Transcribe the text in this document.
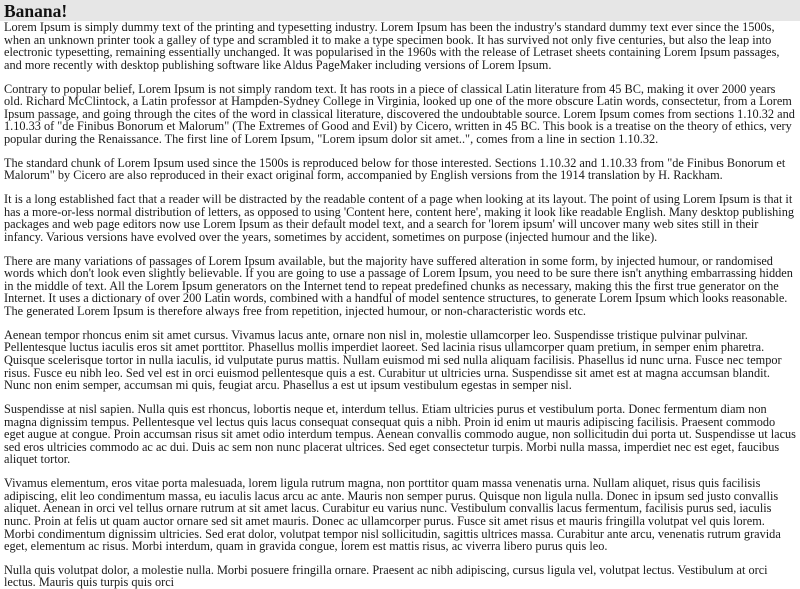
Banana!

Lorem Ipsum is simply dummy text of the printing and typesetting industry. Lorem Ipsum has been the industry's standard dummy text ever since the 1500s, when an unknown printer took a galley of type and scrambled it to make a type specimen book. It has survived not only five centuries, but also the leap into electronic typesetting, remaining essentially unchanged. It was popularised in the 1960s with the release of Letraset sheets containing Lorem Ipsum passages, and more recently with desktop publishing software like Aldus PageMaker including versions of Lorem Ipsum.

Contrary to popular belief, Lorem Ipsum is not simply random text. It has roots in a piece of classical Latin literature from 45 BC, making it over 2000 years old. Richard McClintock, a Latin professor at Hampden-Sydney College in Virginia, looked up one of the more obscure Latin words, consectetur, from a Lorem Ipsum passage, and going through the cites of the word in classical literature, discovered the undoubtable source. Lorem Ipsum comes from sections 1.10.32 and 1.10.33 of "de Finibus Bonorum et Malorum" (The Extremes of Good and Evil) by Cicero, written in 45 BC. This book is a treatise on the theory of ethics, very popular during the Renaissance. The first line of Lorem Ipsum, "Lorem ipsum dolor sit amet..", comes from a line in section 1.10.32.

The standard chunk of Lorem Ipsum used since the 1500s is reproduced below for those interested. Sections 1.10.32 and 1.10.33 from "de Finibus Bonorum et Malorum" by Cicero are also reproduced in their exact original form, accompanied by English versions from the 1914 translation by H. Rackham.

It is a long established fact that a reader will be distracted by the readable content of a page when looking at its layout. The point of using Lorem Ipsum is that it has a more-or-less normal distribution of letters, as opposed to using 'Content here, content here', making it look like readable English. Many desktop publishing packages and web page editors now use Lorem Ipsum as their default model text, and a search for 'lorem ipsum' will uncover many web sites still in their infancy. Various versions have evolved over the years, sometimes by accident, sometimes on purpose (injected humour and the like).

There are many variations of passages of Lorem Ipsum available, but the majority have suffered alteration in some form, by injected humour, or randomised words which don't look even slightly believable. If you are going to use a passage of Lorem Ipsum, you need to be sure there isn't anything embarrassing hidden in the middle of text. All the Lorem Ipsum generators on the Internet tend to repeat predefined chunks as necessary, making this the first true generator on the Internet. It uses a dictionary of over 200 Latin words, combined with a handful of model sentence structures, to generate Lorem Ipsum which looks reasonable. The generated Lorem Ipsum is therefore always free from repetition, injected humour, or non-characteristic words etc.

Aenean tempor rhoncus enim sit amet cursus. Vivamus lacus ante, ornare non nisl in, molestie ullamcorper leo. Suspendisse tristique pulvinar pulvinar. Pellentesque luctus iaculis eros sit amet porttitor. Phasellus mollis imperdiet laoreet. Sed lacinia risus ullamcorper quam pretium, in semper enim pharetra. Quisque scelerisque tortor in nulla iaculis, id vulputate purus mattis. Nullam euismod mi sed nulla aliquam facilisis. Phasellus id nunc urna. Fusce nec tempor risus. Fusce eu nibh leo. Sed vel est in orci euismod pellentesque quis a est. Curabitur ut ultricies urna. Suspendisse sit amet est at magna accumsan blandit. Nunc non enim semper, accumsan mi quis, feugiat arcu. Phasellus a est ut ipsum vestibulum egestas in semper nisl.

Suspendisse at nisl sapien. Nulla quis est rhoncus, lobortis neque et, interdum tellus. Etiam ultricies purus et vestibulum porta. Donec fermentum diam non magna dignissim tempus. Pellentesque vel lectus quis lacus consequat consequat quis a nibh. Proin id enim ut mauris adipiscing facilisis. Praesent commodo eget augue at congue. Proin accumsan risus sit amet odio interdum tempus. Aenean convallis commodo augue, non sollicitudin dui porta ut. Suspendisse ut lacus sed eros ultricies commodo ac ac dui. Duis ac sem non nunc placerat ultrices. Sed eget consectetur turpis. Morbi nulla massa, imperdiet nec est eget, faucibus aliquet tortor.

Vivamus elementum, eros vitae porta malesuada, lorem ligula rutrum magna, non porttitor quam massa venenatis urna. Nullam aliquet, risus quis facilisis adipiscing, elit leo condimentum massa, eu iaculis lacus arcu ac ante. Mauris non semper purus. Quisque non ligula nulla. Donec in ipsum sed justo convallis aliquet. Aenean in orci vel tellus ornare rutrum at sit amet lacus. Curabitur eu varius nunc. Vestibulum convallis lacus fermentum, facilisis purus sed, iaculis nunc. Proin at felis ut quam auctor ornare sed sit amet mauris. Donec ac ullamcorper purus. Fusce sit amet risus et mauris fringilla volutpat vel quis lorem. Morbi condimentum dignissim ultricies. Sed erat dolor, volutpat tempor nisl sollicitudin, sagittis ultrices massa. Curabitur ante arcu, venenatis rutrum gravida eget, elementum ac risus. Morbi interdum, quam in gravida congue, lorem est mattis risus, ac viverra libero purus quis leo.

Nulla quis volutpat dolor, a molestie nulla. Morbi posuere fringilla ornare. Praesent ac nibh adipiscing, cursus ligula vel, volutpat lectus. Vestibulum at orci lectus. Mauris quis turpis quis orci
